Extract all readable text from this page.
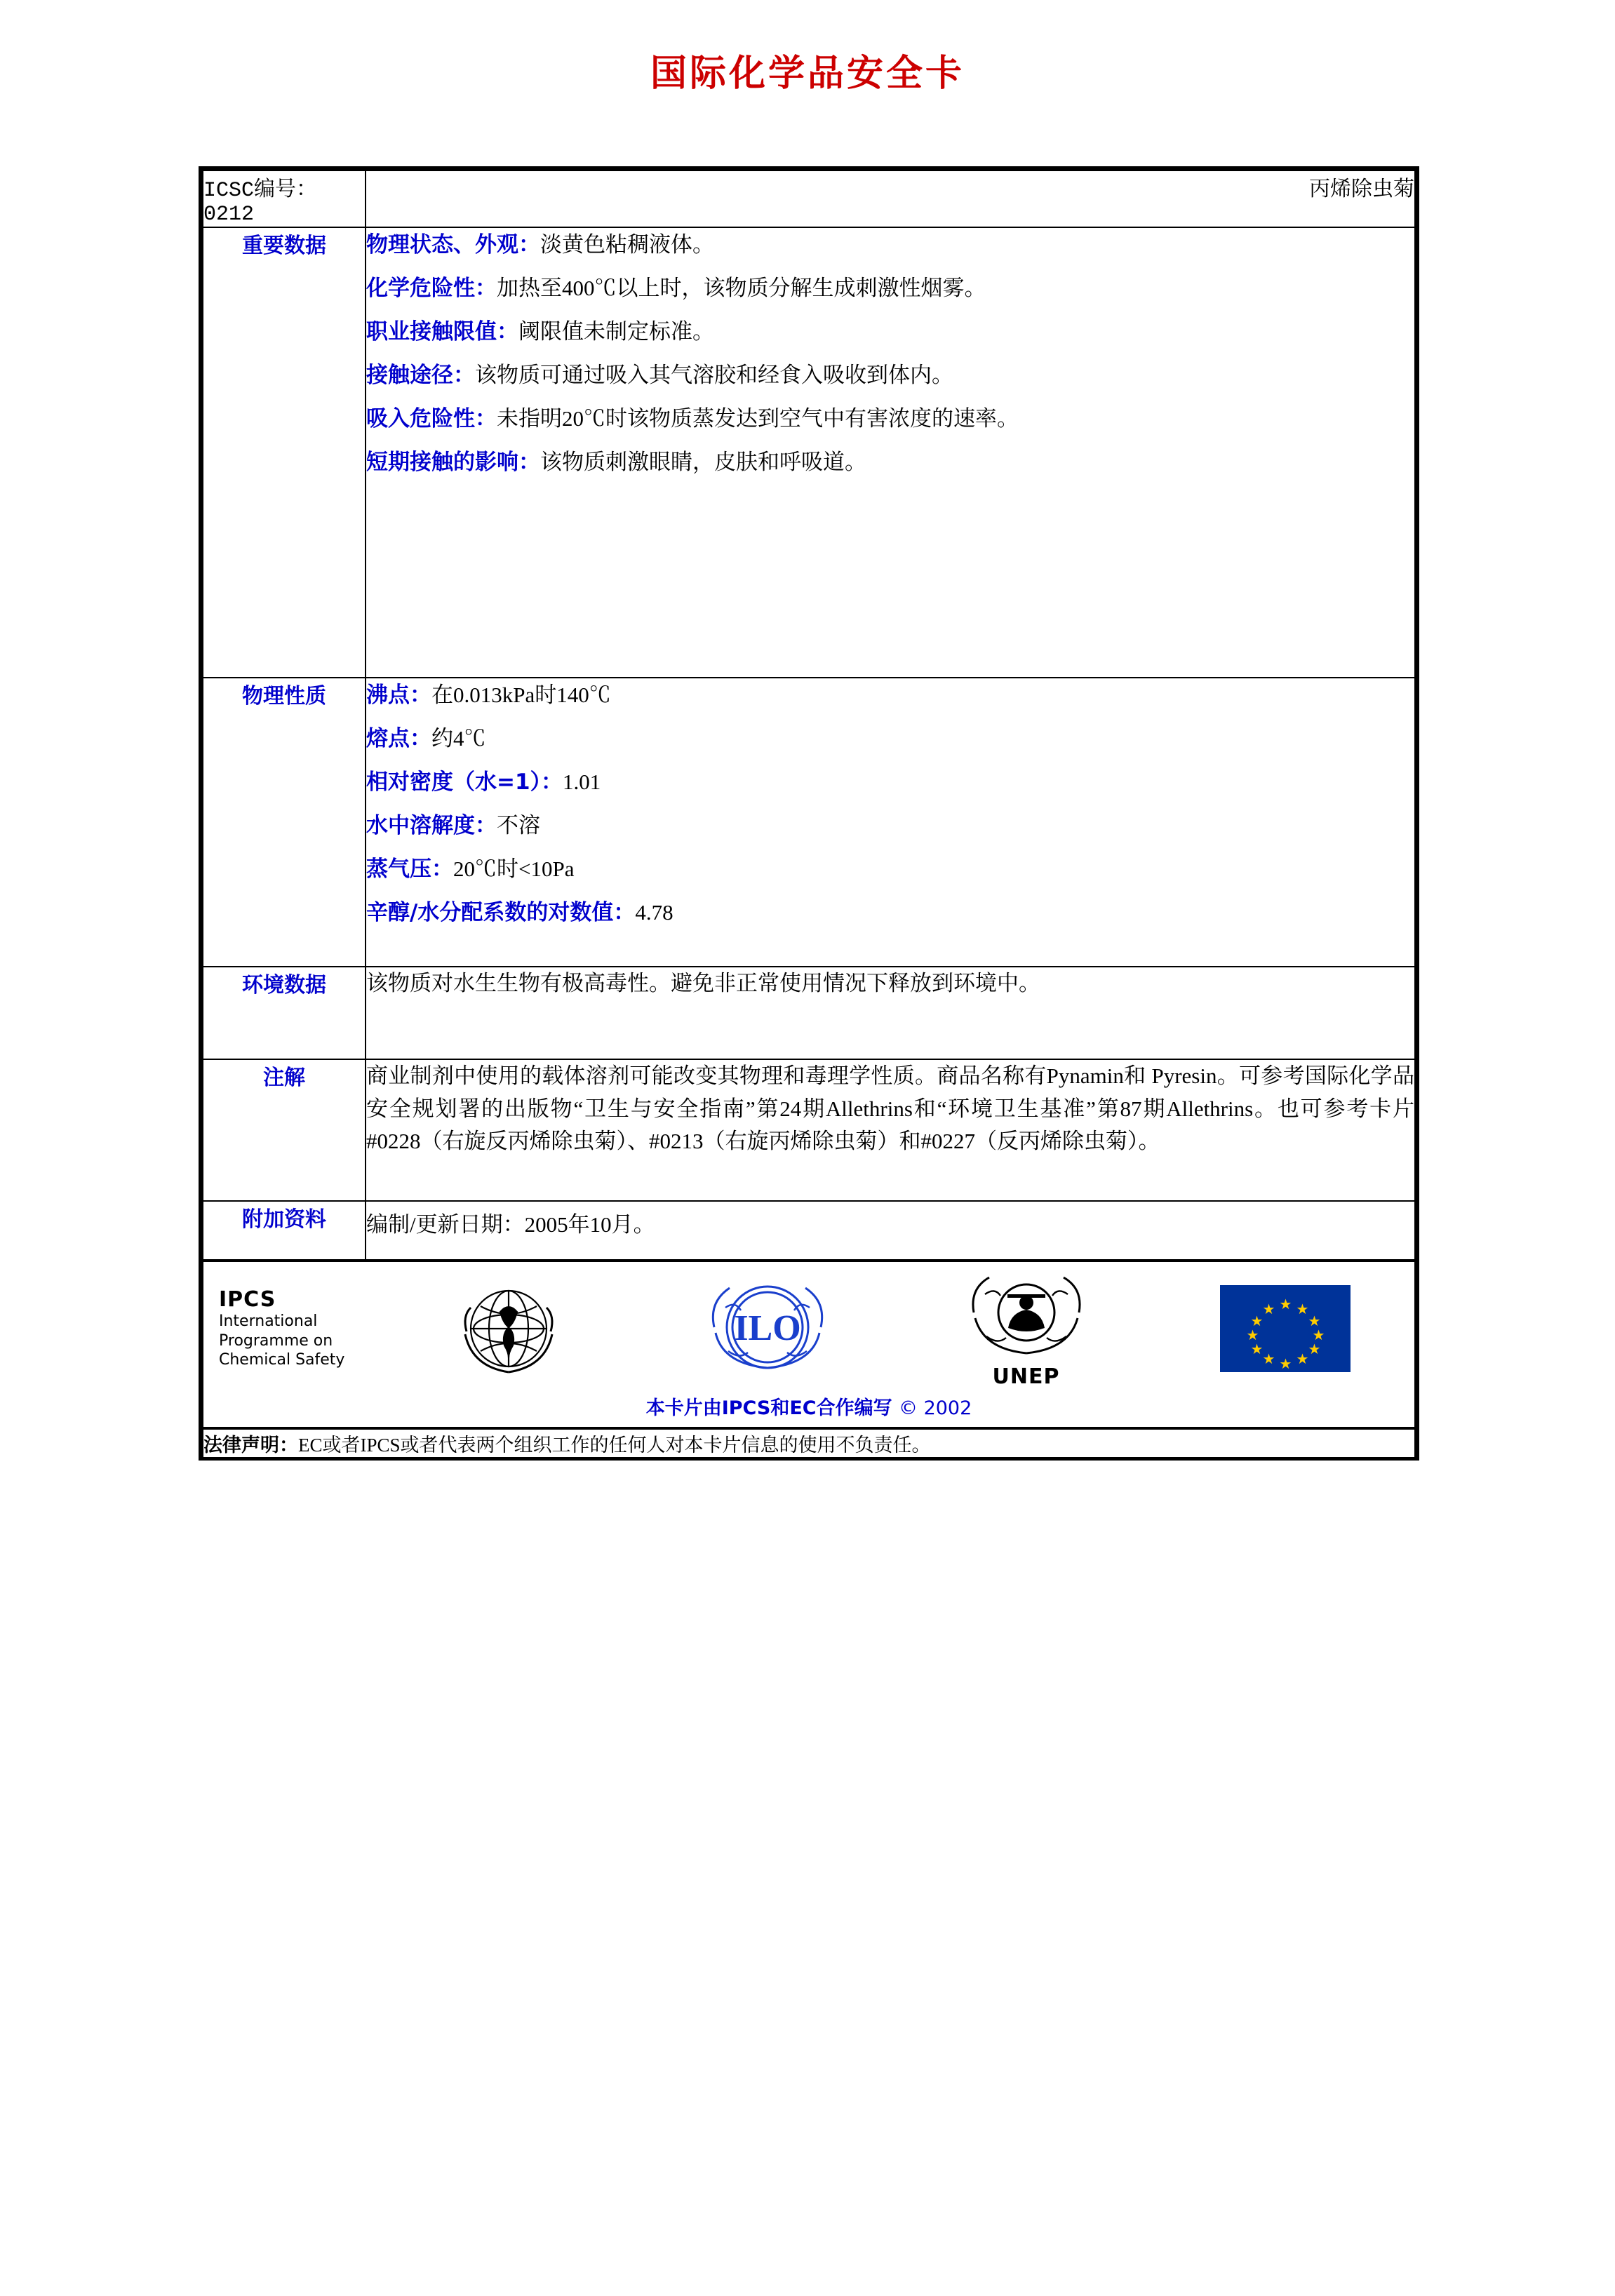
国际化学品安全卡
ICSC编号：0212	丙烯除虫菊
重要数据	物理状态、外观：淡黄色粘稠液体。

化学危险性：加热至400℃以上时，该物质分解生成刺激性烟雾。

职业接触限值：阈限值未制定标准。

接触途径：该物质可通过吸入其气溶胶和经食入吸收到体内。

吸入危险性：未指明20℃时该物质蒸发达到空气中有害浓度的速率。

短期接触的影响：该物质刺激眼睛，皮肤和呼吸道。

物理性质	沸点：在0.013kPa时140℃

熔点：约4℃

相对密度（水=1）：1.01

水中溶解度：不溶

蒸气压：20℃时<10Pa

辛醇/水分配系数的对数值：4.78

环境数据	该物质对水生生物有极高毒性。避免非正常使用情况下释放到环境中。

注解	商业制剂中使用的载体溶剂可能改变其物理和毒理学性质。商品名称有Pynamin和 Pyresin。可参考国际化学品安全规划署的出版物“卫生与安全指南”第24期Allethrins和“环境卫生基准”第87期Allethrins。也可参考卡片#0228（右旋反丙烯除虫菊）、#0213（右旋丙烯除虫菊）和#0227（反丙烯除虫菊）。

附加资料	编制/更新日期：2005年10月。

IPCS
International
Programme on
Chemical Safety
ILO
UNEP
★
★ ★
★	★
★	★
★	★
★ ★
★
本卡片由IPCS和EC合作编写 © 2002

法律声明：EC或者IPCS或者代表两个组织工作的任何人对本卡片信息的使用不负责任。	
